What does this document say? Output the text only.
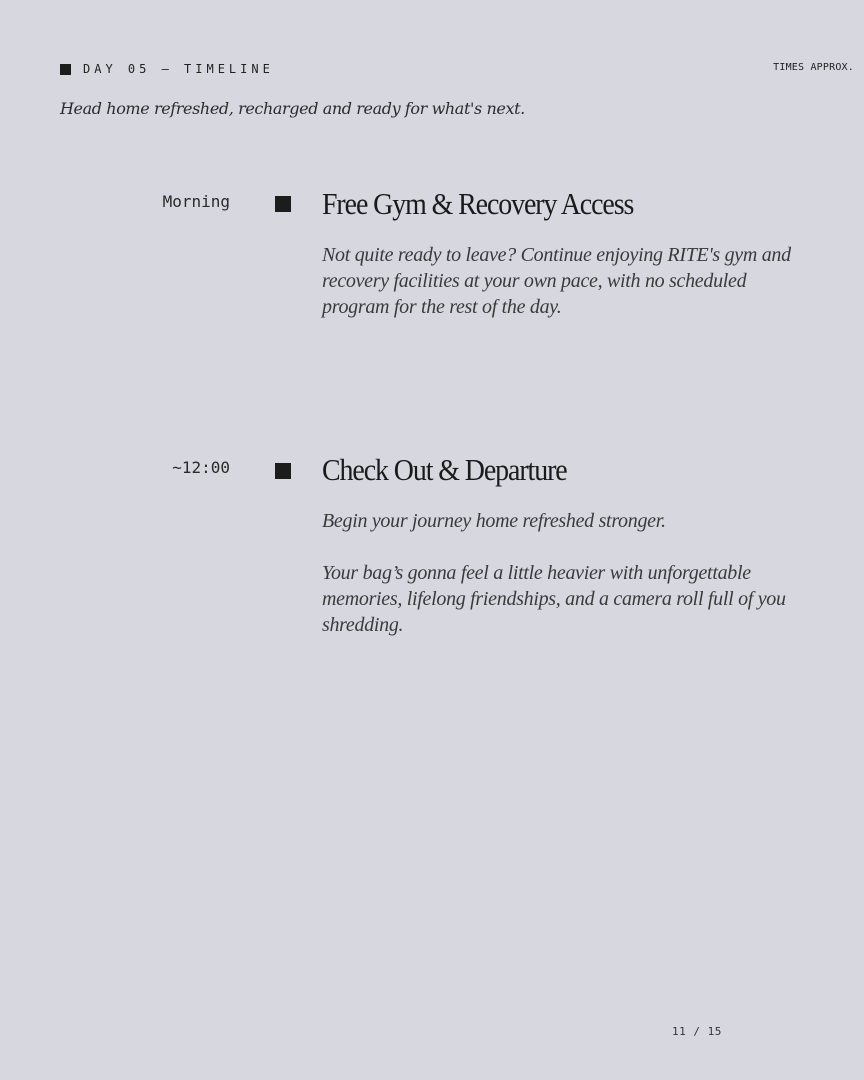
DAY 05 — TIMELINE	TIMES APPROX.
Head home refreshed, recharged and ready for what's next.
Morning	Free Gym & Recovery Access

Not quite ready to leave? Continue enjoying RITE's gym and recovery facilities at your own pace, with no scheduled program for the rest of the day.

~12:00	Check Out & Departure

Begin your journey home refreshed stronger.

Your bag’s gonna feel a little heavier with unforgettable memories, lifelong friendships, and a camera roll full of you shredding.

11 / 15
